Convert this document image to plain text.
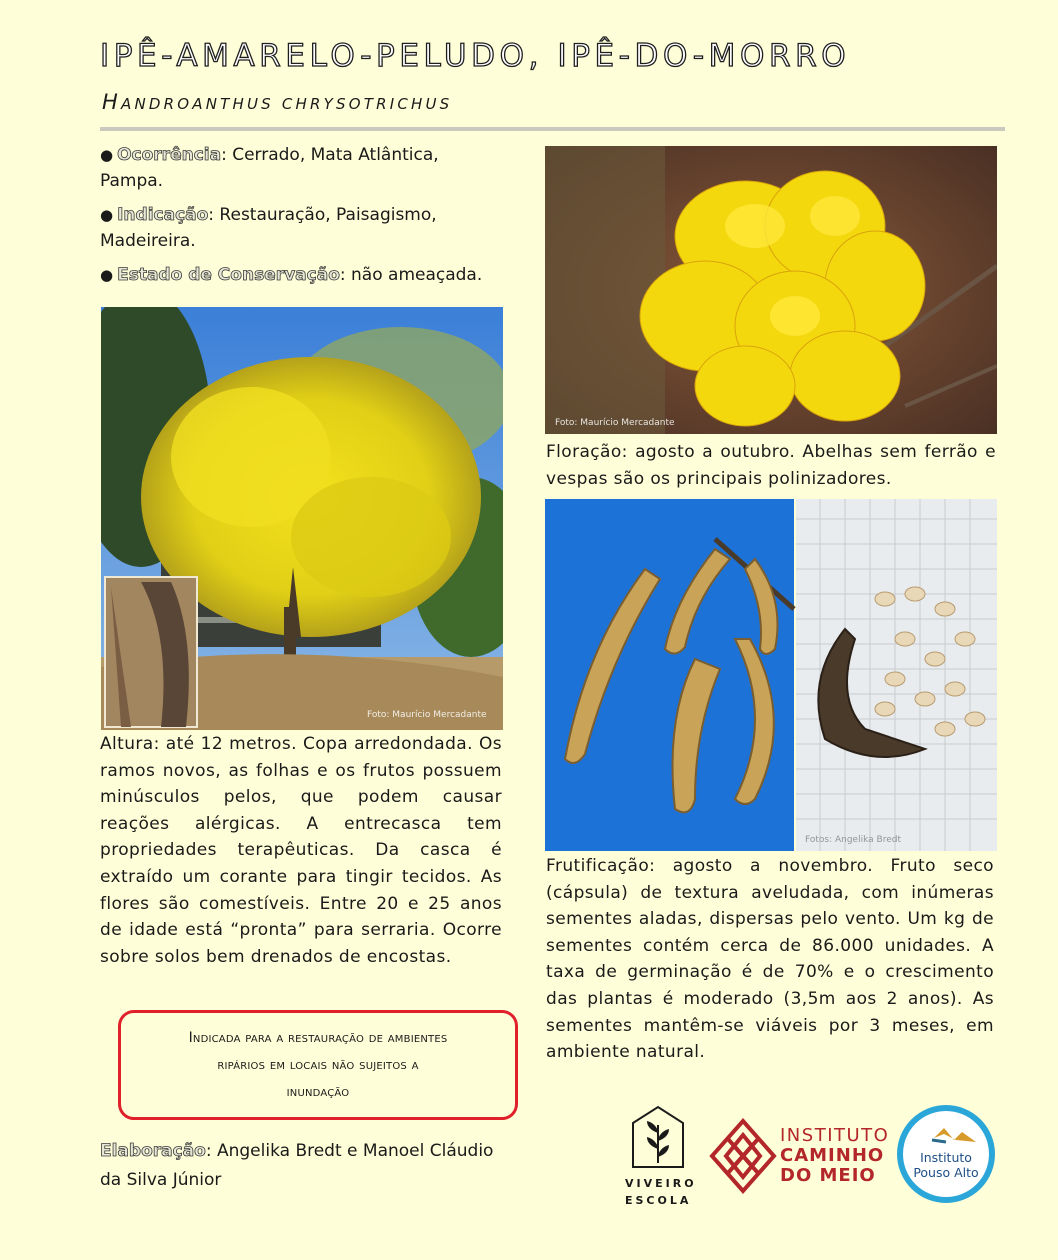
IPÊ-AMARELO-PELUDO, IPÊ-DO-MORRO
HANDROANTHUS CHRYSOTRICHUS
● Ocorrência: Cerrado, Mata Atlântica, Pampa.
● Indicação: Restauração, Paisagismo, Madeireira.
● Estado de Conservação: não ameaçada.
Foto: Maurício Mercadante
Foto: Maurício Mercadante
Floração: agosto a outubro. Abelhas sem ferrão e vespas são os principais polinizadores.
Fotos: Angelika Bredt
Altura: até 12 metros. Copa arredondada. Os ramos novos, as folhas e os frutos possuem minúsculos pelos, que podem causar reações alérgicas. A entrecasca tem propriedades terapêuticas. Da casca é extraído um corante para tingir tecidos. As flores são comestíveis. Entre 20 e 25 anos de idade está “pronta” para serraria. Ocorre sobre solos bem drenados de encostas.
Frutificação: agosto a novembro. Fruto seco (cápsula) de textura aveludada, com inúmeras sementes aladas, dispersas pelo vento. Um kg de sementes contém cerca de 86.000 unidades. A taxa de germinação é de 70% e o crescimento das plantas é moderado (3,5m aos 2 anos). As sementes mantêm-se viáveis por 3 meses, em ambiente natural.
Indicada para a restauração de ambientes
ripários em locais não sujeitos a
inundação
Elaboração: Angelika Bredt e Manoel Cláudio da Silva Júnior	VIVEIRO
ESCOLA
INSTITUTO
CAMINHO
DO MEIO
Instituto
Pouso Alto
